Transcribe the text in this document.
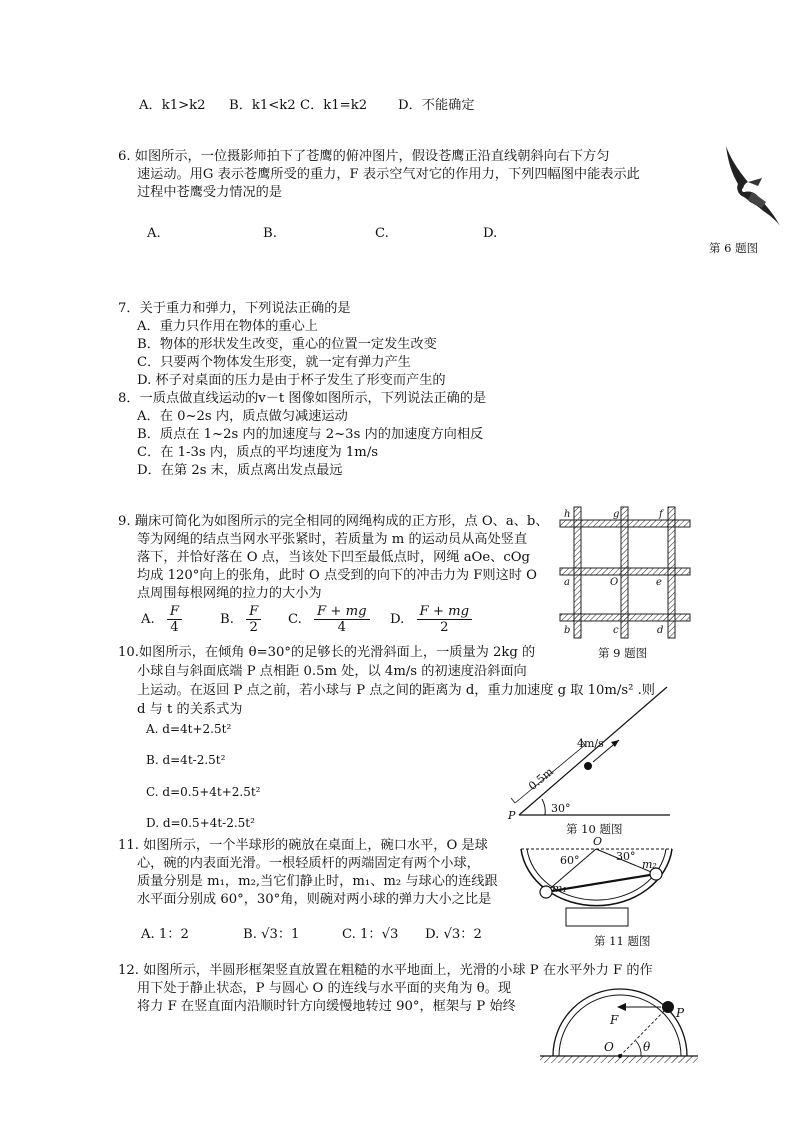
A．k1>k2 B．k1<k2 C．k1=k2 D．不能确定
6. 如图所示，一位摄影师拍下了苍鹰的俯冲图片，假设苍鹰正沿直线朝斜向右下方匀
速运动。用G 表示苍鹰所受的重力，F 表示空气对它的作用力，下列四幅图中能表示此
过程中苍鹰受力情况的是
A.	B.	C.	D.
第 6 题图
7．关于重力和弹力，下列说法正确的是
A．重力只作用在物体的重心上
B．物体的形状发生改变，重心的位置一定发生改变
C．只要两个物体发生形变，就一定有弹力产生
D. 杯子对桌面的压力是由于杯子发生了形变而产生的
8．一质点做直线运动的v－t 图像如图所示，下列说法正确的是
A．在 0~2s 内，质点做匀减速运动
B．质点在 1~2s 内的加速度与 2~3s 内的加速度方向相反
C．在 1-3s 内，质点的平均速度为 1m/s
D．在第 2s 末，质点离出发点最远
9. 蹦床可简化为如图所示的完全相同的网绳构成的正方形，点 O、a、b、
等为网绳的结点当网水平张紧时，若质量为 m 的运动员从高处竖直
落下，并恰好落在 O 点，当该处下凹至最低点时，网绳 aOe、cOg
均成 120°向上的张角，此时 O 点受到的向下的冲击力为 F则这时 O
点周围每根网绳的拉力的大小为
A. $\frac{F}{4}$	B. $\frac{F}{2} C$. $\frac{F + mg}{4} D$. $\frac{F + mg}{2}$
h	g	f
a	O	e
b	c	d
第 9 题图
10.如图所示，在倾角 θ=30°的足够长的光滑斜面上，一质量为 2kg 的
小球自与斜面底端 P 点相距 0.5m 处，以 4m/s 的初速度沿斜面向
上运动。在返回 P 点之前，若小球与 P 点之间的距离为 d，重力加速度 g 取 10m/s² .则
d 与 t 的关系式为
A. d=4t+2.5t²
B. d=4t-2.5t²
C. d=0.5+4t+2.5t²
D. d=0.5+4t-2.5t²
4m/s
0.5m
30°
P
第 10 题图
11. 如图所示，一个半球形的碗放在桌面上，碗口水平，O 是球
心，碗的内表面光滑。一根轻质杆的两端固定有两个小球，
质量分别是 m₁，m₂,当它们静止时，m₁、m₂ 与球心的连线跟
水平面分别成 60°，30°角，则碗对两小球的弹力大小之比是
A. 1：2	B. √3：1	C. 1：√3 D. √3：2
O
60°	30°
m₁
m₂
第 11 题图
12. 如图所示，半圆形框架竖直放置在粗糙的水平地面上，光滑的小球 P 在水平外力 F 的作
用下处于静止状态，P 与圆心 O 的连线与水平面的夹角为 θ。现
将力 F 在竖直面内沿顺时针方向缓慢地转过 90°，框架与 P 始终
F	P
O θ
